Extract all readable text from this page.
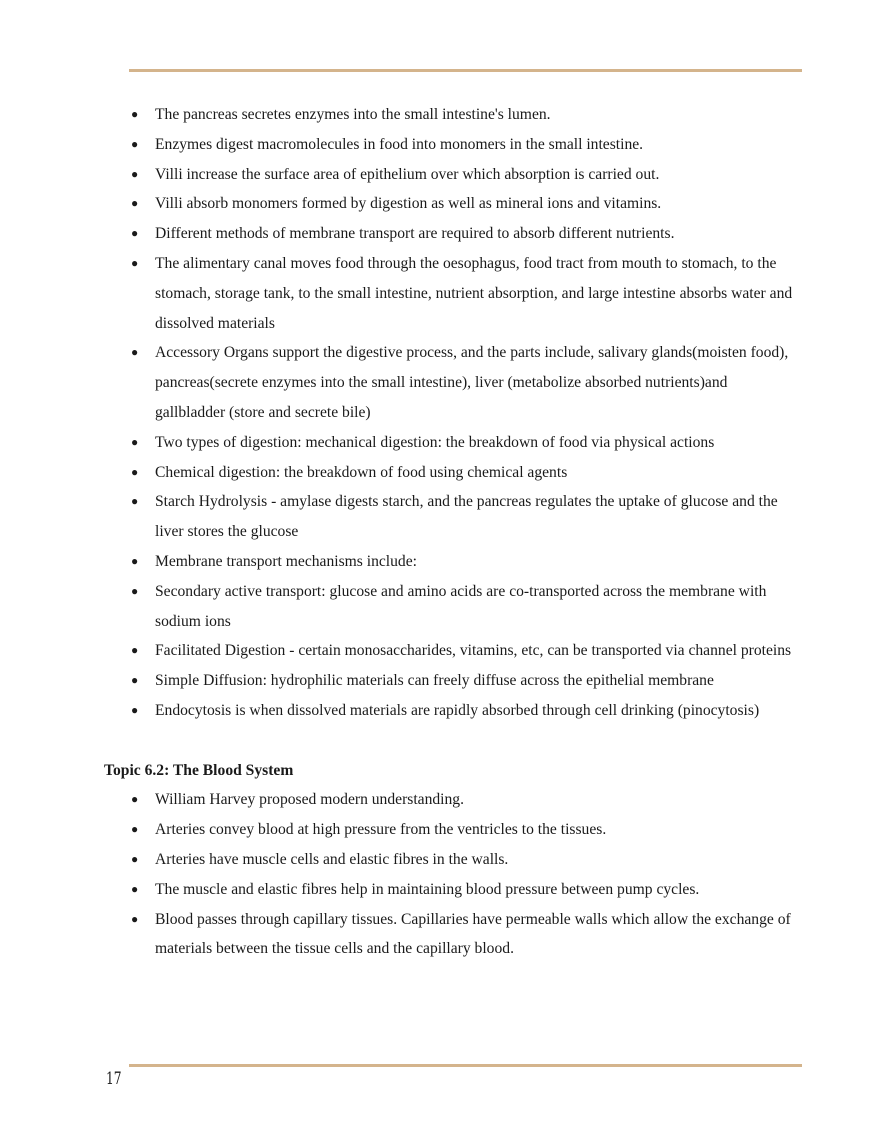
● The pancreas secretes enzymes into the small intestine's lumen.
● Enzymes digest macromolecules in food into monomers in the small intestine.
● Villi increase the surface area of epithelium over which absorption is carried out.
● Villi absorb monomers formed by digestion as well as mineral ions and vitamins.
● Different methods of membrane transport are required to absorb different nutrients.
● The alimentary canal moves food through the oesophagus, food tract from mouth to stomach, to the stomach, storage tank, to the small intestine, nutrient absorption, and large intestine absorbs water and dissolved materials
● Accessory Organs support the digestive process, and the parts include, salivary glands(moisten food), pancreas(secrete enzymes into the small intestine), liver (metabolize absorbed nutrients)and gallbladder (store and secrete bile)
● Two types of digestion: mechanical digestion: the breakdown of food via physical actions
● Chemical digestion: the breakdown of food using chemical agents
● Starch Hydrolysis - amylase digests starch, and the pancreas regulates the uptake of glucose and the liver stores the glucose
● Membrane transport mechanisms include:
● Secondary active transport: glucose and amino acids are co-transported across the membrane with sodium ions
● Facilitated Digestion - certain monosaccharides, vitamins, etc, can be transported via channel proteins
● Simple Diffusion: hydrophilic materials can freely diffuse across the epithelial membrane
● Endocytosis is when dissolved materials are rapidly absorbed through cell drinking (pinocytosis)
Topic 6.2: The Blood System
● William Harvey proposed modern understanding.
● Arteries convey blood at high pressure from the ventricles to the tissues.
● Arteries have muscle cells and elastic fibres in the walls.
● The muscle and elastic fibres help in maintaining blood pressure between pump cycles.
● Blood passes through capillary tissues. Capillaries have permeable walls which allow the exchange of materials between the tissue cells and the capillary blood.
17
